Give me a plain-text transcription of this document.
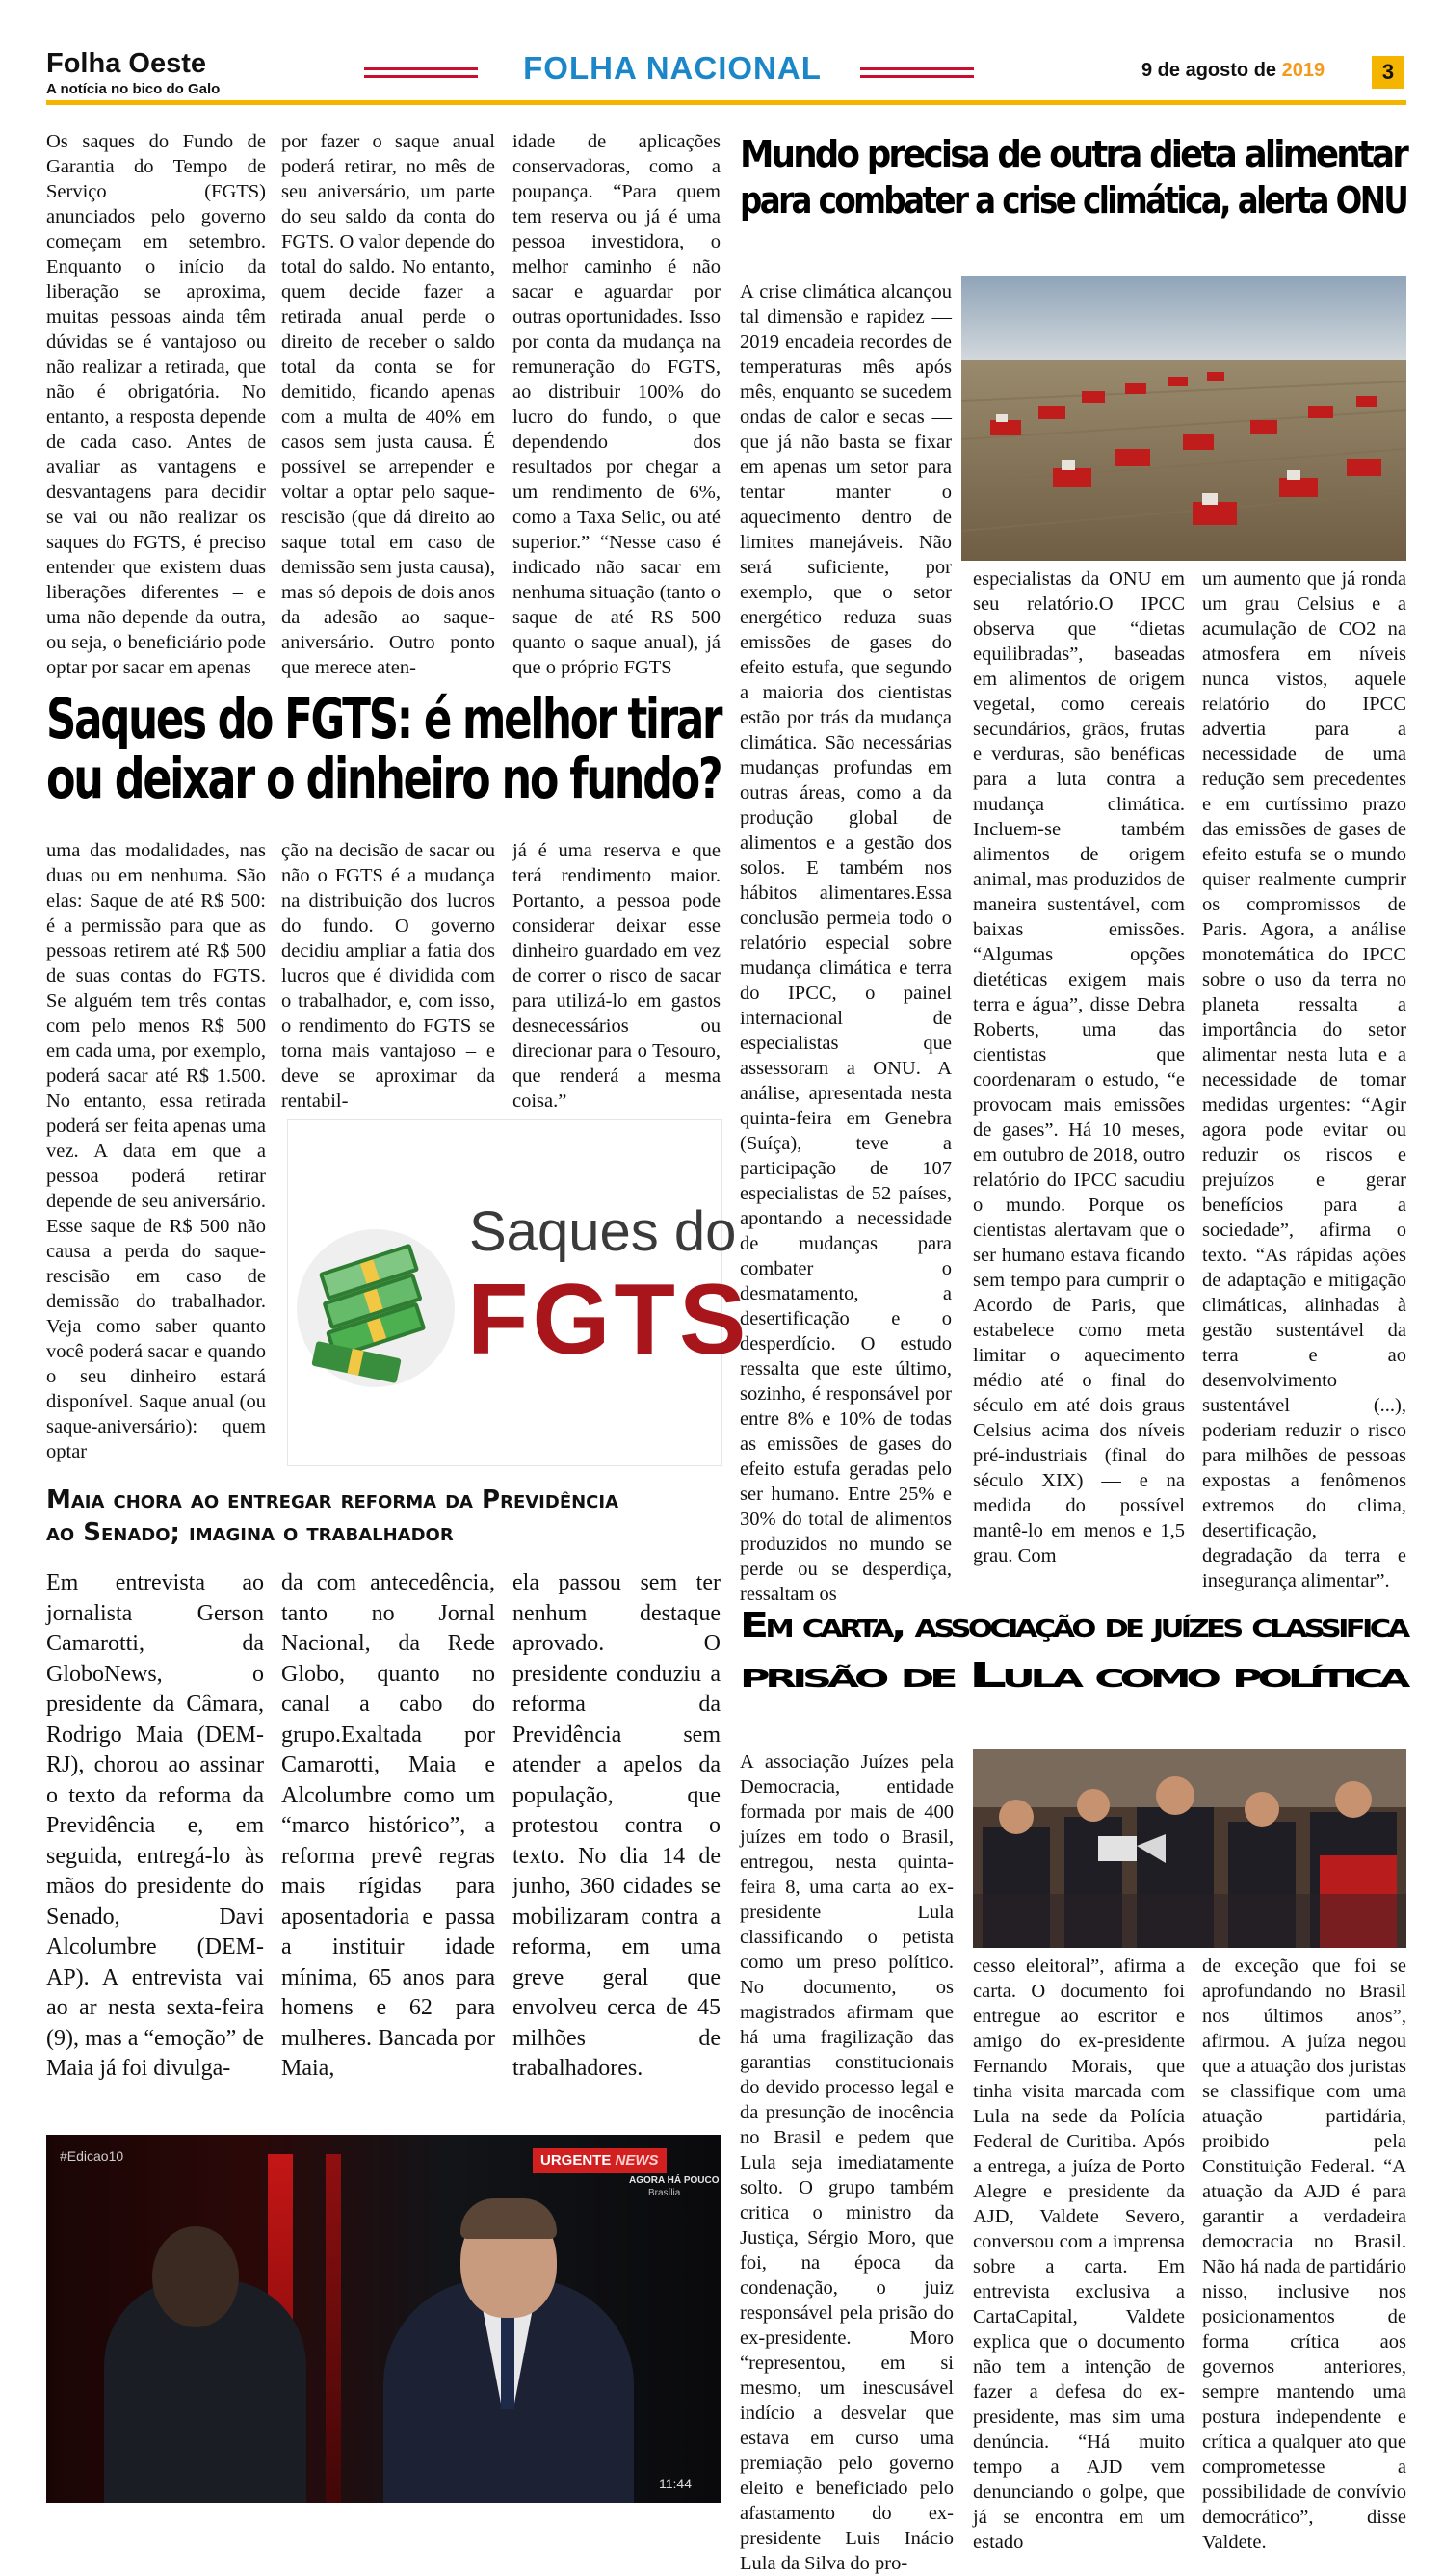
Folha Oeste
A notícia no bico do Galo
FOLHA NACIONAL	9 de agosto de 2019	3

Os saques do Fundo de Garantia do Tempo de Serviço (FGTS) anunciados pelo governo começam em setembro. Enquanto o início da liberação se aproxima, muitas pessoas ainda têm dúvidas se é vantajoso ou não realizar a retirada, que não é obrigatória. No entanto, a resposta depende de cada caso. Antes de avaliar as vantagens e desvantagens para decidir se vai ou não realizar os saques do FGTS, é preciso entender que existem duas liberações diferentes – e uma não depende da outra, ou seja, o beneficiário pode optar por sacar em apenas

por fazer o saque anual poderá retirar, no mês de seu aniversário, um parte do seu saldo da conta do FGTS. O valor depende do total do saldo. No entanto, quem decide fazer a retirada anual perde o direito de receber o saldo total da conta se for demitido, ficando apenas com a multa de 40% em casos sem justa causa. É possível se arrepender e voltar a optar pelo saque-rescisão (que dá direito ao saque total em caso de demissão sem justa causa), mas só depois de dois anos da adesão ao saque-aniversário. Outro ponto que merece aten-

idade de aplicações conservadoras, como a poupança. “Para quem tem reserva ou já é uma pessoa investidora, o melhor caminho é não sacar e aguardar por outras oportunidades. Isso por conta da mudança na remuneração do FGTS, ao distribuir 100% do lucro do fundo, o que dependendo dos resultados por chegar a um rendimento de 6%, como a Taxa Selic, ou até superior.” “Nesse caso é indicado não sacar em nenhuma situação (tanto o saque de até R$ 500 quanto o saque anual), já que o próprio FGTS

Saques do FGTS: é melhor tirar
ou deixar o dinheiro no fundo?

uma das modalidades, nas duas ou em nenhuma. São elas: Saque de até R$ 500: é a permissão para que as pessoas retirem até R$ 500 de suas contas do FGTS. Se alguém tem três contas com pelo menos R$ 500 em cada uma, por exemplo, poderá sacar até R$ 1.500. No entanto, essa retirada poderá ser feita apenas uma vez. A data em que a pessoa poderá retirar depende de seu aniversário. Esse saque de R$ 500 não causa a perda do saque-rescisão em caso de demissão do trabalhador. Veja como saber quanto você poderá sacar e quando o seu dinheiro estará disponível. Saque anual (ou saque-aniversário): quem optar

ção na decisão de sacar ou não o FGTS é a mudança na distribuição dos lucros do fundo. O governo decidiu ampliar a fatia dos lucros que é dividida com o trabalhador, e, com isso, o rendimento do FGTS se torna mais vantajoso – e deve se aproximar da rentabil-

já é uma reserva e que terá rendimento maior. Portanto, a pessoa pode considerar deixar esse dinheiro guardado em vez de correr o risco de sacar para utilizá-lo em gastos desnecessários ou direcionar para o Tesouro, que renderá a mesma coisa.”

Saques do
FGTS
Maia chora ao entregar reforma da Previdência
ao Senado; imagina o trabalhador

Em entrevista ao jornalista Gerson Camarotti, da GloboNews, o presidente da Câmara, Rodrigo Maia (DEM-RJ), chorou ao assinar o texto da reforma da Previdência e, em seguida, entregá-lo às mãos do presidente do Senado, Davi Alcolumbre (DEM-AP). A entrevista vai ao ar nesta sexta-feira (9), mas a “emoção” de Maia já foi divulga-

da com antecedência, tanto no Jornal Nacional, da Rede Globo, quanto no canal a cabo do grupo.Exaltada por Camarotti, Maia e Alcolumbre como um “marco histórico”, a reforma prevê regras mais rígidas para aposentadoria e passa a instituir idade mínima, 65 anos para homens e 62 para mulheres. Bancada por Maia,

ela passou sem ter nenhum destaque aprovado. O presidente conduziu a reforma da Previdência sem atender a apelos da população, que protestou contra o texto. No dia 14 de junho, 360 cidades se mobilizaram contra a reforma, em uma greve geral que envolveu cerca de 45 milhões de trabalhadores.

#Edicao10	URGENTE NEWS
AGORA HÁ POUCO
Brasília
11:44
Mundo precisa de outra dieta alimentar
para combater a crise climática, alerta ONU

A crise climática alcançou tal dimensão e rapidez — 2019 encadeia recordes de temperaturas mês após mês, enquanto se sucedem ondas de calor e secas — que já não basta se fixar em apenas um setor para tentar manter o aquecimento dentro de limites manejáveis. Não será suficiente, por exemplo, que o setor energético reduza suas emissões de gases do efeito estufa, que segundo a maioria dos cientistas estão por trás da mudança climática. São necessárias mudanças profundas em outras áreas, como a da produção global de alimentos e a gestão dos solos. E também nos hábitos alimentares.Essa conclusão permeia todo o relatório especial sobre mudança climática e terra do IPCC, o painel internacional de especialistas que assessoram a ONU. A análise, apresentada nesta quinta-feira em Genebra (Suíça), teve a participação de 107 especialistas de 52 países, apontando a necessidade de mudanças para combater o desmatamento, a desertificação e o desperdício. O estudo ressalta que este último, sozinho, é responsável por entre 8% e 10% de todas as emissões de gases do efeito estufa geradas pelo ser humano. Entre 25% e 30% do total de alimentos produzidos no mundo se perde ou se desperdiça, ressaltam os

especialistas da ONU em seu relatório.O IPCC observa que “dietas equilibradas”, baseadas em alimentos de origem vegetal, como cereais secundários, grãos, frutas e verduras, são benéficas para a luta contra a mudança climática. Incluem-se também alimentos de origem animal, mas produzidos de maneira sustentável, com baixas emissões. “Algumas opções dietéticas exigem mais terra e água”, disse Debra Roberts, uma das cientistas que coordenaram o estudo, “e provocam mais emissões de gases”. Há 10 meses, em outubro de 2018, outro relatório do IPCC sacudiu o mundo. Porque os cientistas alertavam que o ser humano estava ficando sem tempo para cumprir o Acordo de Paris, que estabelece como meta limitar o aquecimento médio até o final do século em até dois graus Celsius acima dos níveis pré-industriais (final do século XIX) — e na medida do possível mantê-lo em menos e 1,5 grau. Com

um aumento que já ronda um grau Celsius e a acumulação de CO2 na atmosfera em níveis nunca vistos, aquele relatório do IPCC advertia para a necessidade de uma redução sem precedentes e em curtíssimo prazo das emissões de gases de efeito estufa se o mundo quiser realmente cumprir os compromissos de Paris. Agora, a análise monotemática do IPCC sobre o uso da terra no planeta ressalta a importância do setor alimentar nesta luta e a necessidade de tomar medidas urgentes: “Agir agora pode evitar ou reduzir os riscos e prejuízos e gerar benefícios para a sociedade”, afirma o texto. “As rápidas ações de adaptação e mitigação climáticas, alinhadas à gestão sustentável da terra e ao desenvolvimento sustentável (...), poderiam reduzir o risco para milhões de pessoas expostas a fenômenos extremos do clima, desertificação, degradação da terra e insegurança alimentar”.

Em carta, associação de juízes classifica
prisão de Lula como política

A associação Juízes pela Democracia, entidade formada por mais de 400 juízes em todo o Brasil, entregou, nesta quinta-feira 8, uma carta ao ex-presidente Lula classificando o petista como um preso político. No documento, os magistrados afirmam que há uma fragilização das garantias constitucionais do devido processo legal e da presunção de inocência no Brasil e pedem que Lula seja imediatamente solto. O grupo também critica o ministro da Justiça, Sérgio Moro, que foi, na época da condenação, o juiz responsável pela prisão do ex-presidente. Moro “representou, em si mesmo, um inescusável indício a desvelar que estava em curso uma premiação pelo governo eleito e beneficiado pelo afastamento do ex-presidente Luis Inácio Lula da Silva do pro-

cesso eleitoral”, afirma a carta. O documento foi entregue ao escritor e amigo do ex-presidente Fernando Morais, que tinha visita marcada com Lula na sede da Polícia Federal de Curitiba. Após a entrega, a juíza de Porto Alegre e presidente da AJD, Valdete Severo, conversou com a imprensa sobre a carta. Em entrevista exclusiva a CartaCapital, Valdete explica que o documento não tem a intenção de fazer a defesa do ex-presidente, mas sim uma denúncia. “Há muito tempo a AJD vem denunciando o golpe, que já se encontra em um estado

de exceção que foi se aprofundando no Brasil nos últimos anos”, afirmou. A juíza negou que a atuação dos juristas se classifique com uma atuação partidária, proibido pela Constituição Federal. “A atuação da AJD é para garantir a verdadeira democracia no Brasil. Não há nada de partidário nisso, inclusive nos posicionamentos de forma crítica aos governos anteriores, sempre mantendo uma postura independente e crítica a qualquer ato que comprometesse a possibilidade de convívio democrático”, disse Valdete.
